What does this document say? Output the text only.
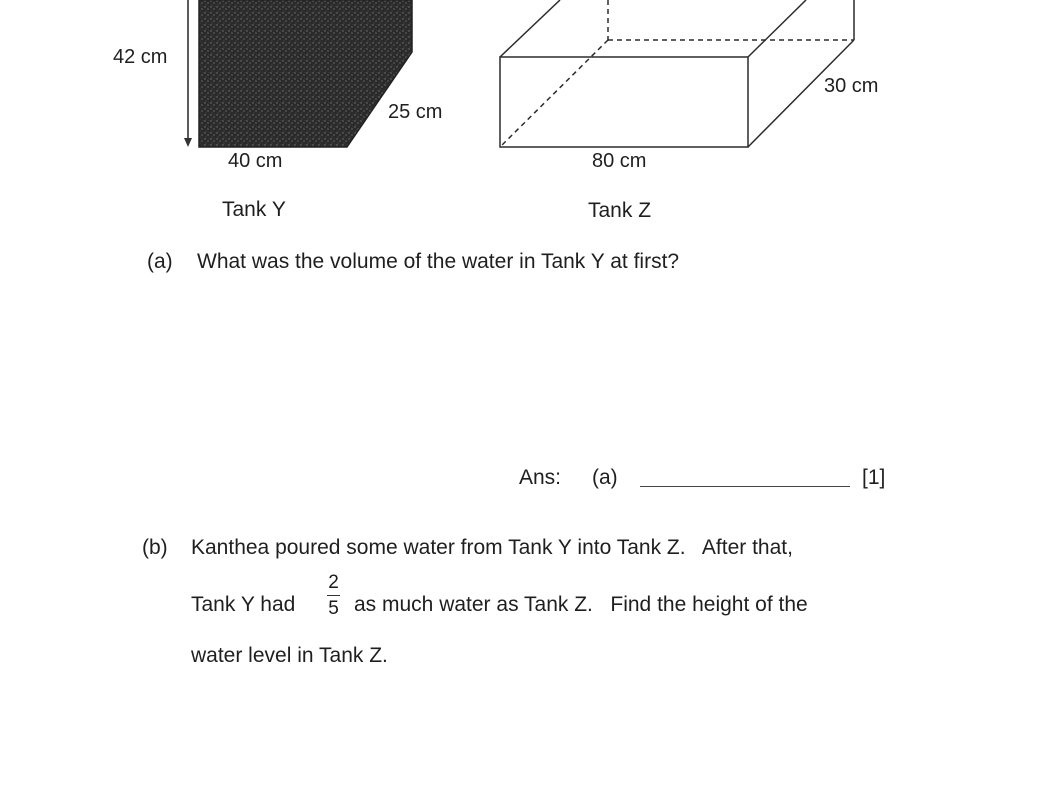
42 cm
25 cm
40 cm
Tank Y
30 cm
80 cm
Tank Z
(a) What was the volume of the water in Tank Y at first?
Ans: (a)	[1]
(b) Kanthea poured some water from Tank Y into Tank Z.   After that,
Tank Y had
2
5 as much water as Tank Z.   Find the height of the
water level in Tank Z.
